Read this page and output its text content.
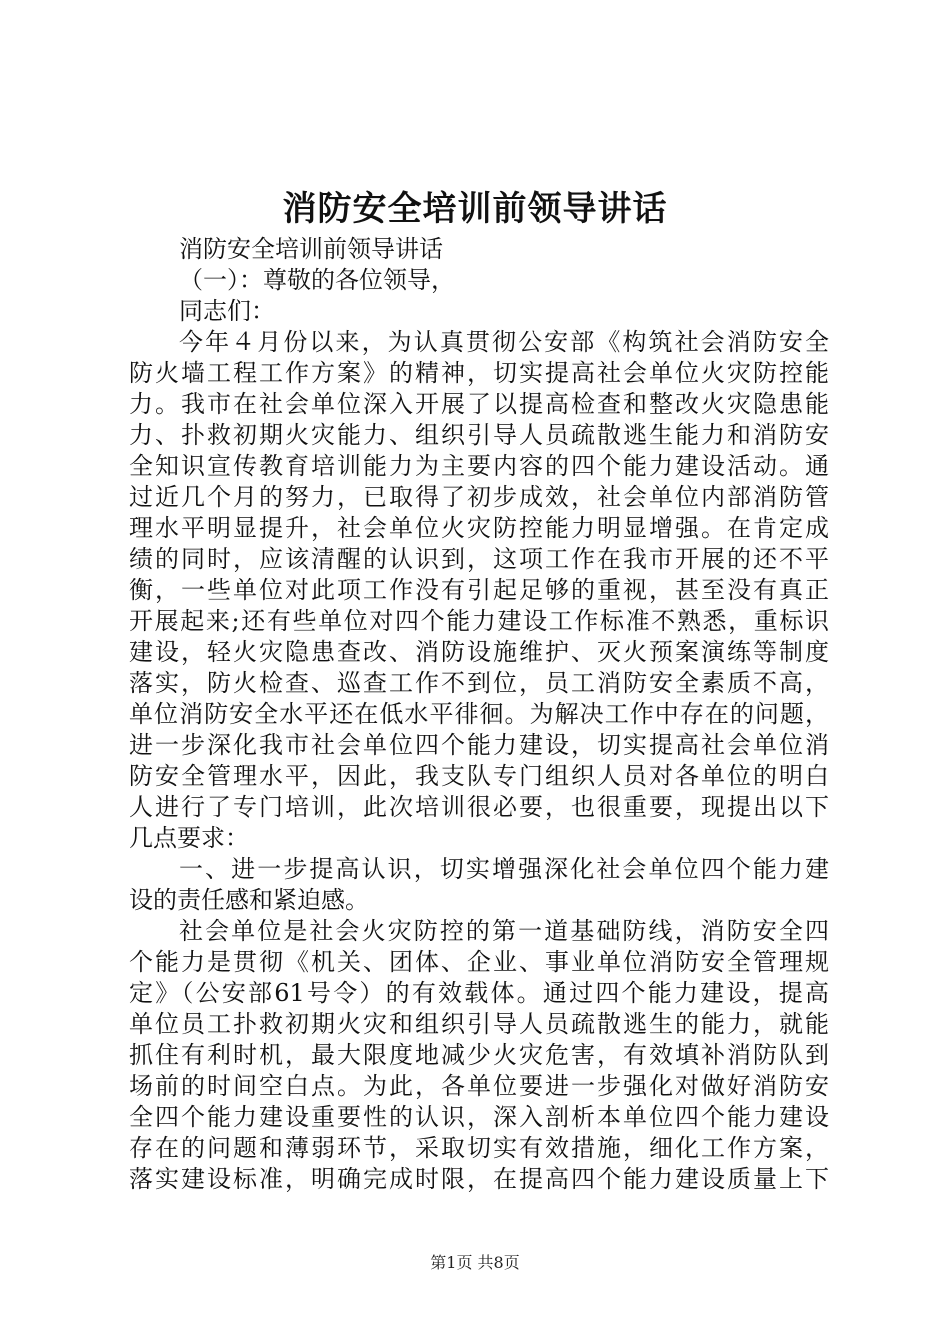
消防安全培训前领导讲话
消防安全培训前领导讲话
（一）：尊敬的各位领导，
同志们：
今年４月份以来，为认真贯彻公安部《构筑社会消防安全
防火墙工程工作方案》的精神，切实提高社会单位火灾防控能
力。我市在社会单位深入开展了以提高检查和整改火灾隐患能
力、扑救初期火灾能力、组织引导人员疏散逃生能力和消防安
全知识宣传教育培训能力为主要内容的四个能力建设活动。通
过近几个月的努力，已取得了初步成效，社会单位内部消防管
理水平明显提升，社会单位火灾防控能力明显增强。在肯定成
绩的同时，应该清醒的认识到，这项工作在我市开展的还不平
衡，一些单位对此项工作没有引起足够的重视，甚至没有真正
开展起来;还有些单位对四个能力建设工作标准不熟悉，重标识
建设，轻火灾隐患查改、消防设施维护、灭火预案演练等制度
落实，防火检查、巡查工作不到位，员工消防安全素质不高，
单位消防安全水平还在低水平徘徊。为解决工作中存在的问题，
进一步深化我市社会单位四个能力建设，切实提高社会单位消
防安全管理水平，因此，我支队专门组织人员对各单位的明白
人进行了专门培训，此次培训很必要，也很重要，现提出以下
几点要求：
一、进一步提高认识，切实增强深化社会单位四个能力建
设的责任感和紧迫感。
社会单位是社会火灾防控的第一道基础防线，消防安全四
个能力是贯彻《机关、团体、企业、事业单位消防安全管理规
定》（公安部61号令）的有效载体。通过四个能力建设，提高
单位员工扑救初期火灾和组织引导人员疏散逃生的能力，就能
抓住有利时机，最大限度地减少火灾危害，有效填补消防队到
场前的时间空白点。为此，各单位要进一步强化对做好消防安
全四个能力建设重要性的认识，深入剖析本单位四个能力建设
存在的问题和薄弱环节，采取切实有效措施，细化工作方案，
落实建设标准，明确完成时限，在提高四个能力建设质量上下
第1页 共8页
